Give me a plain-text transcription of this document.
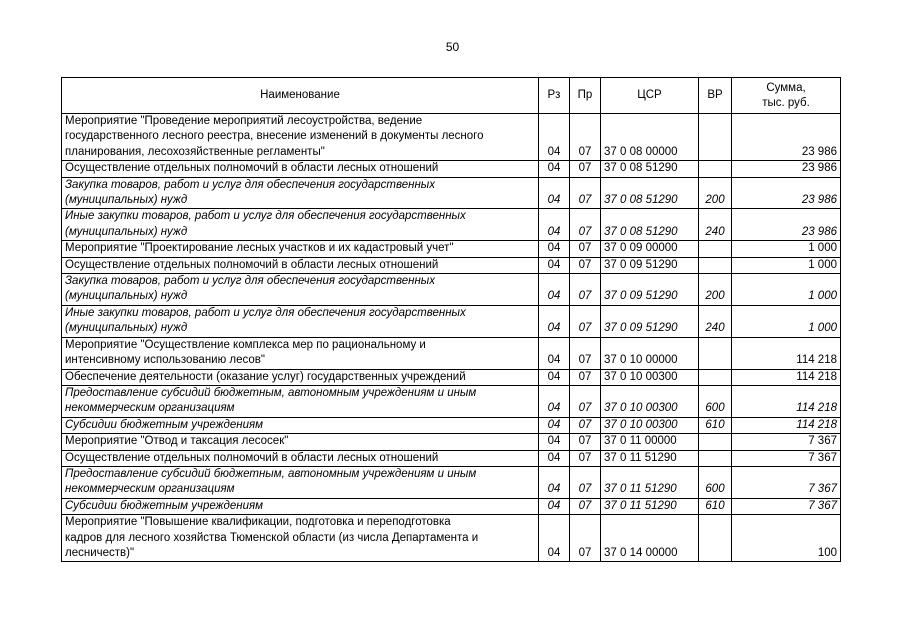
50
Наименование	Рз	Пр	ЦСР	ВР	Сумма,
тыс. руб.

Мероприятие "Проведение мероприятий лесоустройства, ведение
государственного лесного реестра, внесение изменений в документы лесного
планирования, лесохозяйственные регламенты"	04	07	37 0 08 00000		23 986
Осуществление отдельных полномочий в области лесных отношений	04	07	37 0 08 51290		23 986

Закупка товаров, работ и услуг для обеспечения государственных
(муниципальных) нужд	04	07	37 0 08 51290	200	23 986

Иные закупки товаров, работ и услуг для обеспечения государственных
(муниципальных) нужд	04	07	37 0 08 51290	240	23 986
Мероприятие "Проектирование лесных участков и их кадастровый учет"	04	07	37 0 09 00000		1 000
Осуществление отдельных полномочий в области лесных отношений	04	07	37 0 09 51290		1 000

Закупка товаров, работ и услуг для обеспечения государственных
(муниципальных) нужд	04	07	37 0 09 51290	200	1 000

Иные закупки товаров, работ и услуг для обеспечения государственных
(муниципальных) нужд	04	07	37 0 09 51290	240	1 000

Мероприятие "Осуществление комплекса мер по рациональному и
интенсивному использованию лесов"	04	07	37 0 10 00000		114 218
Обеспечение деятельности (оказание услуг) государственных учреждений	04	07	37 0 10 00300		114 218

Предоставление субсидий бюджетным, автономным учреждениям и иным
некоммерческим организациям	04	07	37 0 10 00300	600	114 218
Субсидии бюджетным учреждениям	04	07	37 0 10 00300	610	114 218
Мероприятие "Отвод и таксация лесосек"	04	07	37 0 11 00000		7 367
Осуществление отдельных полномочий в области лесных отношений	04	07	37 0 11 51290		7 367

Предоставление субсидий бюджетным, автономным учреждениям и иным
некоммерческим организациям	04	07	37 0 11 51290	600	7 367
Субсидии бюджетным учреждениям	04	07	37 0 11 51290	610	7 367

Мероприятие "Повышение квалификации, подготовка и переподготовка
кадров для лесного хозяйства Тюменской области (из числа Департамента и
лесничеств)"	04	07	37 0 14 00000		100
